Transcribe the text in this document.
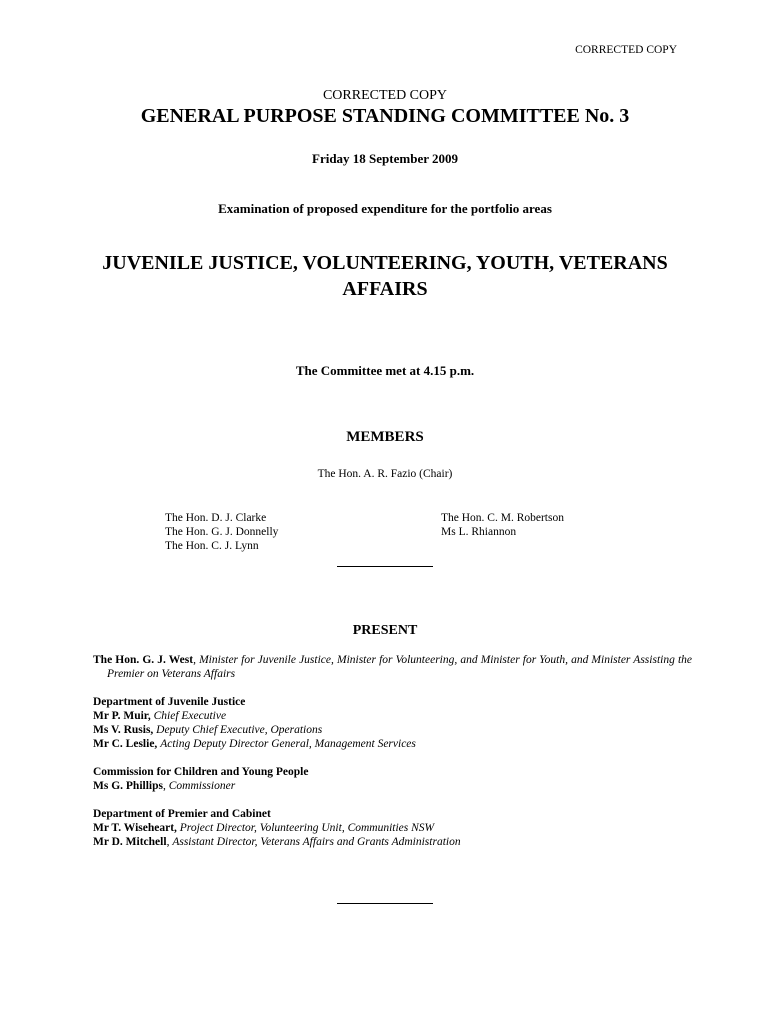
CORRECTED COPY
CORRECTED COPY
GENERAL PURPOSE STANDING COMMITTEE No. 3
Friday 18 September 2009
Examination of proposed expenditure for the portfolio areas
JUVENILE JUSTICE, VOLUNTEERING, YOUTH, VETERANS
AFFAIRS
The Committee met at 4.15 p.m.
MEMBERS
The Hon. A. R. Fazio (Chair)
The Hon. D. J. Clarke
The Hon. G. J. Donnelly
The Hon. C. J. Lynn
The Hon. C. M. Robertson
Ms L. Rhiannon
PRESENT
The Hon. G. J. West, Minister for Juvenile Justice, Minister for Volunteering, and Minister for Youth, and Minister Assisting the Premier on Veterans Affairs
Department of Juvenile Justice
Mr P. Muir, Chief Executive
Ms V. Rusis, Deputy Chief Executive, Operations
Mr C. Leslie, Acting Deputy Director General, Management Services
Commission for Children and Young People
Ms G. Phillips, Commissioner
Department of Premier and Cabinet
Mr T. Wiseheart, Project Director, Volunteering Unit, Communities NSW
Mr D. Mitchell, Assistant Director, Veterans Affairs and Grants Administration
